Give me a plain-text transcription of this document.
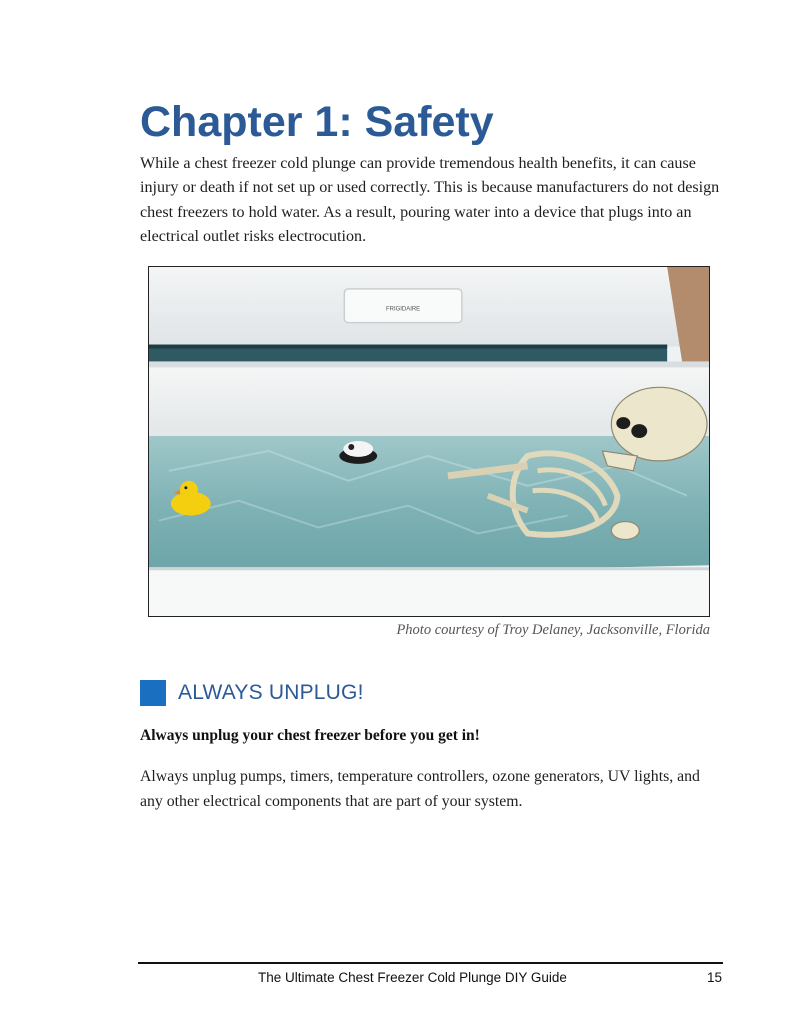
Chapter 1: Safety

While a chest freezer cold plunge can provide tremendous health benefits, it can cause injury or death if not set up or used correctly. This is because manufacturers do not design chest freezers to hold water. As a result, pouring water into a device that plugs into an electrical outlet risks electrocution.

FRIGIDAIRE

Photo courtesy of Troy Delaney, Jacksonville, Florida

ALWAYS UNPLUG!

Always unplug your chest freezer before you get in!

Always unplug pumps, timers, temperature controllers, ozone generators, UV lights, and any other electrical components that are part of your system.

The Ultimate Chest Freezer Cold Plunge DIY Guide	15
